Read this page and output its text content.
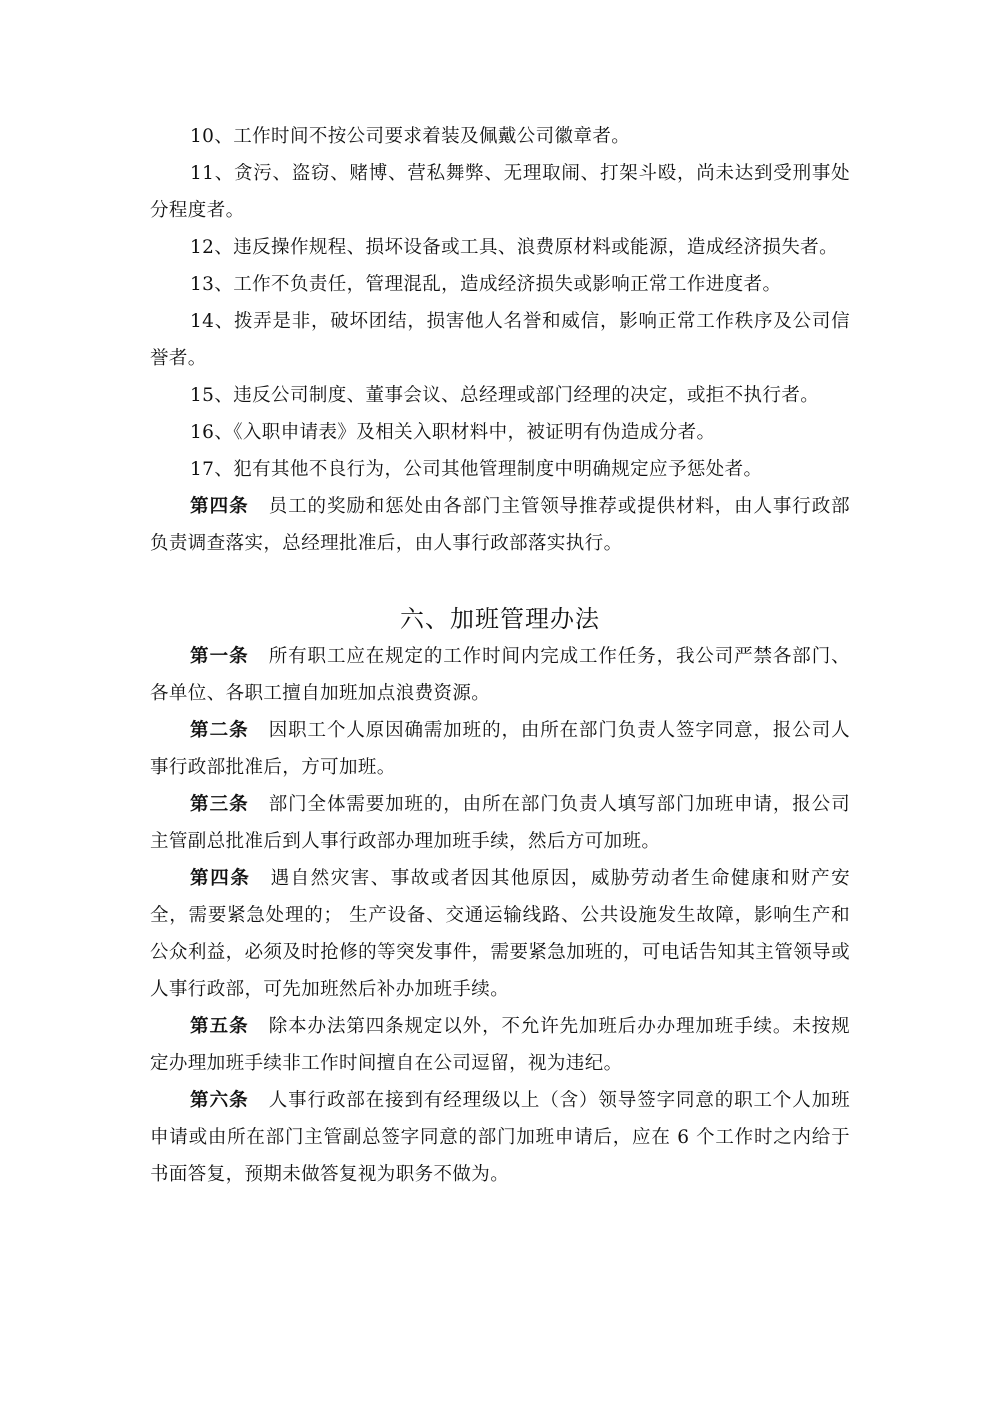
10、工作时间不按公司要求着装及佩戴公司徽章者。

11、贪污、盗窃、赌博、营私舞弊、无理取闹、打架斗殴，尚未达到受刑事处分程度者。

12、违反操作规程、损坏设备或工具、浪费原材料或能源，造成经济损失者。

13、工作不负责任，管理混乱，造成经济损失或影响正常工作进度者。

14、拨弄是非，破坏团结，损害他人名誉和威信，影响正常工作秩序及公司信誉者。

15、违反公司制度、董事会议、总经理或部门经理的决定，或拒不执行者。

16、《入职申请表》及相关入职材料中，被证明有伪造成分者。

17、犯有其他不良行为，公司其他管理制度中明确规定应予惩处者。

第四条 员工的奖励和惩处由各部门主管领导推荐或提供材料，由人事行政部负责调查落实，总经理批准后，由人事行政部落实执行。

六、加班管理办法

第一条 所有职工应在规定的工作时间内完成工作任务，我公司严禁各部门、各单位、各职工擅自加班加点浪费资源。

第二条 因职工个人原因确需加班的，由所在部门负责人签字同意，报公司人事行政部批准后，方可加班。

第三条 部门全体需要加班的，由所在部门负责人填写部门加班申请，报公司主管副总批准后到人事行政部办理加班手续，然后方可加班。

第四条 遇自然灾害、事故或者因其他原因，威胁劳动者生命健康和财产安全，需要紧急处理的； 生产设备、交通运输线路、公共设施发生故障，影响生产和公众利益，必须及时抢修的等突发事件，需要紧急加班的，可电话告知其主管领导或人事行政部，可先加班然后补办加班手续。

第五条 除本办法第四条规定以外，不允许先加班后办办理加班手续。未按规定办理加班手续非工作时间擅自在公司逗留，视为违纪。

第六条 人事行政部在接到有经理级以上（含）领导签字同意的职工个人加班申请或由所在部门主管副总签字同意的部门加班申请后，应在 6 个工作时之内给于书面答复，预期未做答复视为职务不做为。
